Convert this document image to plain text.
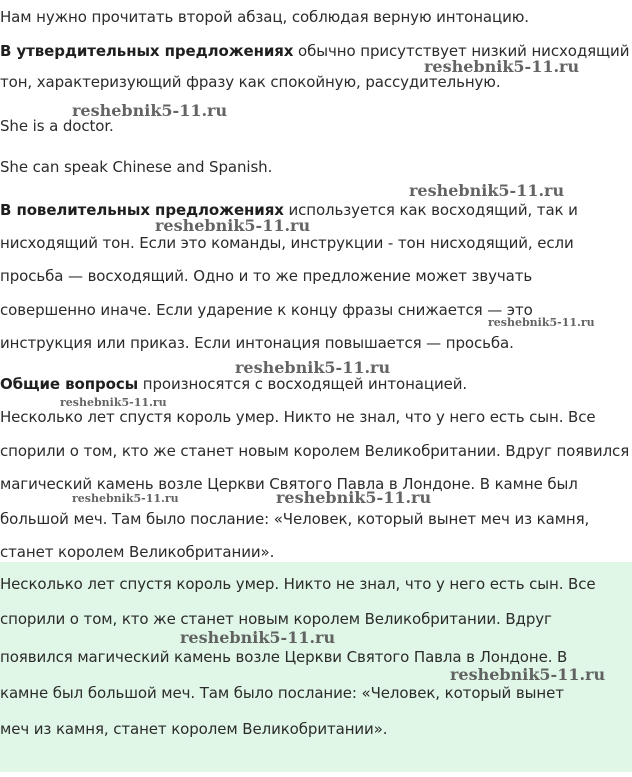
Нам нужно прочитать второй абзац, соблюдая верную интонацию.
В утвердительных предложениях обычно присутствует низкий нисходящий
тон, характеризующий фразу как спокойную, рассудительную.
She is a doctor.
She can speak Chinese and Spanish.
В повелительных предложениях используется как восходящий, так и
нисходящий тон. Если это команды, инструкции - тон нисходящий, если
просьба — восходящий. Одно и то же предложение может звучать
совершенно иначе. Если ударение к концу фразы снижается — это
инструкция или приказ. Если интонация повышается — просьба.
Общие вопросы произносятся с восходящей интонацией.
Несколько лет спустя король умер. Никто не знал, что у него есть сын. Все
спорили о том, кто же станет новым королем Великобритании. Вдруг появился
магический камень возле Церкви Святого Павла в Лондоне. В камне был
большой меч. Там было послание: «Человек, который вынет меч из камня,
станет королем Великобритании».
Несколько лет спустя король умер. Никто не знал, что у него есть сын. Все
спорили о том, кто же станет новым королем Великобритании. Вдруг
появился магический камень возле Церкви Святого Павла в Лондоне. В
камне был большой меч. Там было послание: «Человек, который вынет
меч из камня, станет королем Великобритании».
reshebnik5-11.ru
reshebnik5-11.ru
reshebnik5-11.ru
reshebnik5-11.ru
reshebnik5-11.ru
reshebnik5-11.ru
reshebnik5-11.ru
reshebnik5-11.ru	reshebnik5-11.ru
reshebnik5-11.ru
reshebnik5-11.ru
